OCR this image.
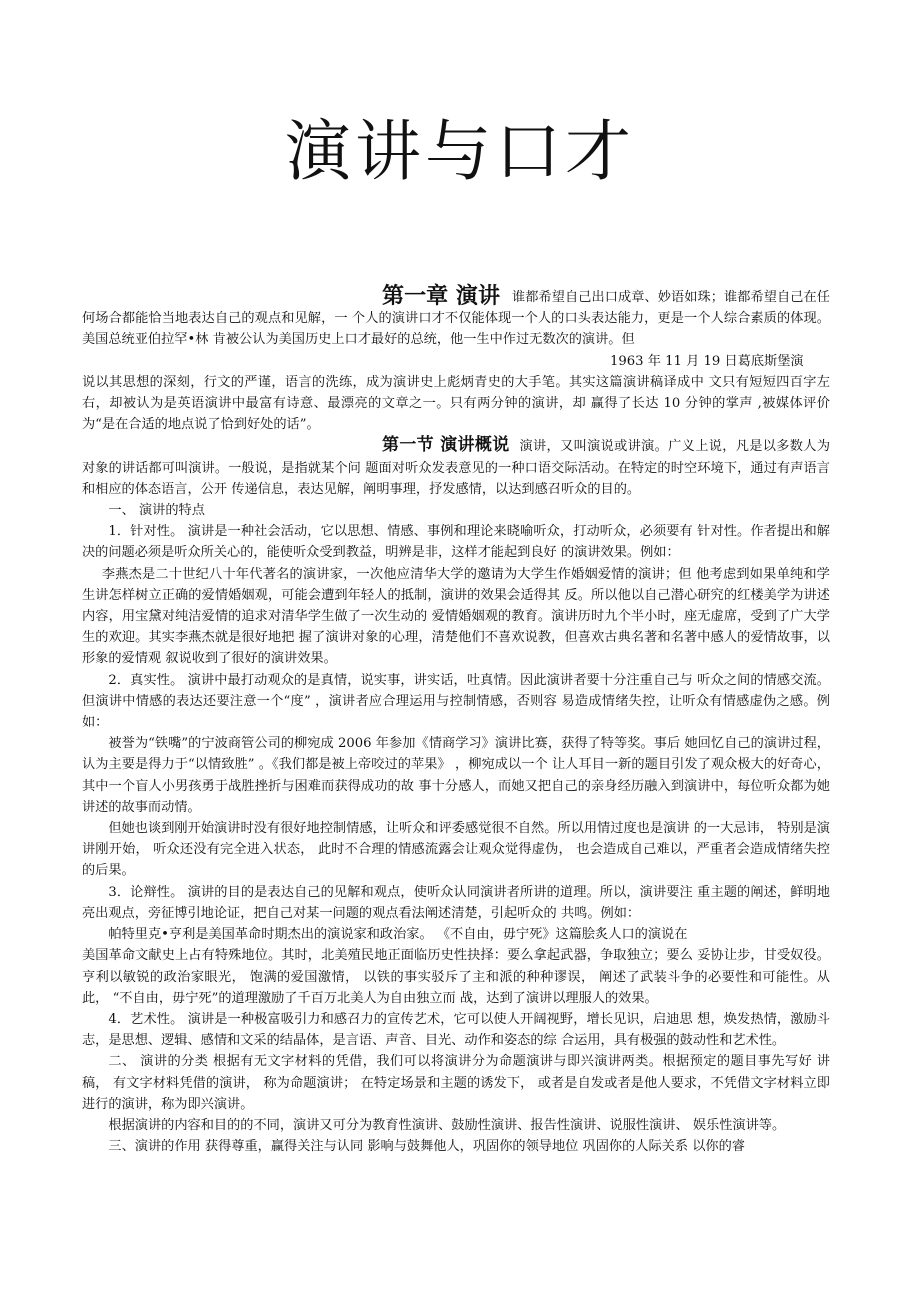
演讲与口才

第一章 演讲 谁都希望自己出口成章、妙语如珠；谁都希望自己在任何场合都能恰当地表达自己的观点和见解，一 个人的演讲口才不仅能体现一个人的口头表达能力，更是一个人综合素质的体现。美国总统亚伯拉罕•林 肯被公认为美国历史上口才最好的总统，他一生中作过无数次的演讲。但

1963 年 11 月 19 日葛底斯堡演

说以其思想的深刻，行文的严谨，语言的洗练，成为演讲史上彪炳青史的大手笔。其实这篇演讲稿译成中 文只有短短四百字左右，却被认为是英语演讲中最富有诗意、最漂亮的文章之一。只有两分钟的演讲，却 赢得了长达 10 分钟的掌声 ,被媒体评价为“是在合适的地点说了恰到好处的话”。

第一节 演讲概说 演讲，又叫演说或讲演。广义上说，凡是以多数人为对象的讲话都可叫演讲。一般说，是指就某个问 题面对听众发表意见的一种口语交际活动。在特定的时空环境下，通过有声语言和相应的体态语言，公开 传递信息，表达见解，阐明事理，抒发感情，以达到感召听众的目的。

一、 演讲的特点

1．针对性。 演讲是一种社会活动，它以思想、情感、事例和理论来晓喻听众，打动听众，必须要有 针对性。作者提出和解决的问题必须是听众所关心的，能使听众受到教益，明辨是非，这样才能起到良好 的演讲效果。例如：

李燕杰是二十世纪八十年代著名的演讲家，一次他应清华大学的邀请为大学生作婚姻爱情的演讲；但 他考虑到如果单纯和学生讲怎样树立正确的爱情婚姻观，可能会遭到年轻人的抵制，演讲的效果会适得其 反。所以他以自己潜心研究的红楼美学为讲述内容，用宝黛对纯洁爱情的追求对清华学生做了一次生动的 爱情婚姻观的教育。演讲历时九个半小时，座无虚席，受到了广大学生的欢迎。其实李燕杰就是很好地把 握了演讲对象的心理，清楚他们不喜欢说教，但喜欢古典名著和名著中感人的爱情故事，以形象的爱情观 叙说收到了很好的演讲效果。

2．真实性。 演讲中最打动观众的是真情，说实事，讲实话，吐真情。因此演讲者要十分注重自己与 听众之间的情感交流。但演讲中情感的表达还要注意一个“度” ，演讲者应合理运用与控制情感，否则容 易造成情绪失控，让听众有情感虚伪之感。例如：

被誉为“铁嘴”的宁波商管公司的柳宛成 2006 年参加《情商学习》演讲比赛，获得了特等奖。事后 她回忆自己的演讲过程，认为主要是得力于“以情致胜” 。《我们都是被上帝咬过的苹果》 ，柳宛成以一个 让人耳目一新的题目引发了观众极大的好奇心，其中一个盲人小男孩勇于战胜挫折与困难而获得成功的故 事十分感人，而她又把自己的亲身经历融入到演讲中，每位听众都为她讲述的故事而动情。

但她也谈到刚开始演讲时没有很好地控制情感，让听众和评委感觉很不自然。所以用情过度也是演讲 的一大忌讳， 特别是演讲刚开始， 听众还没有完全进入状态， 此时不合理的情感流露会让观众觉得虚伪， 也会造成自己难以，严重者会造成情绪失控的后果。

3．论辩性。 演讲的目的是表达自己的见解和观点，使听众认同演讲者所讲的道理。所以，演讲要注 重主题的阐述，鲜明地亮出观点，旁征博引地论证，把自己对某一问题的观点看法阐述清楚，引起听众的 共鸣。例如：

帕特里克•亨利是美国革命时期杰出的演说家和政治家。 《不自由，毋宁死》这篇脍炙人口的演说在

美国革命文献史上占有特殊地位。其时，北美殖民地正面临历史性抉择：要么拿起武器，争取独立；要么 妥协让步，甘受奴役。 亨利以敏锐的政治家眼光， 饱满的爱国激情， 以铁的事实驳斥了主和派的种种谬误， 阐述了武装斗争的必要性和可能性。从此， “不自由，毋宁死”的道理激励了千百万北美人为自由独立而 战，达到了演讲以理服人的效果。

4．艺术性。 演讲是一种极富吸引力和感召力的宣传艺术，它可以使人开阔视野，增长见识，启迪思 想，焕发热情，激励斗志，是思想、逻辑、感情和文采的结晶体，是言语、声音、目光、动作和姿态的综 合运用，具有极强的鼓动性和艺术性。

二、 演讲的分类 根据有无文字材料的凭借，我们可以将演讲分为命题演讲与即兴演讲两类。根据预定的题目事先写好 讲稿， 有文字材料凭借的演讲， 称为命题演讲； 在特定场景和主题的诱发下， 或者是自发或者是他人要求，不凭借文字材料立即进行的演讲，称为即兴演讲。

根据演讲的内容和目的的不同，演讲又可分为教育性演讲、鼓励性演讲、报告性演讲、说服性演讲、 娱乐性演讲等。

三、演讲的作用 获得尊重，赢得关注与认同 影响与鼓舞他人，巩固你的领导地位 巩固你的人际关系 以你的睿
